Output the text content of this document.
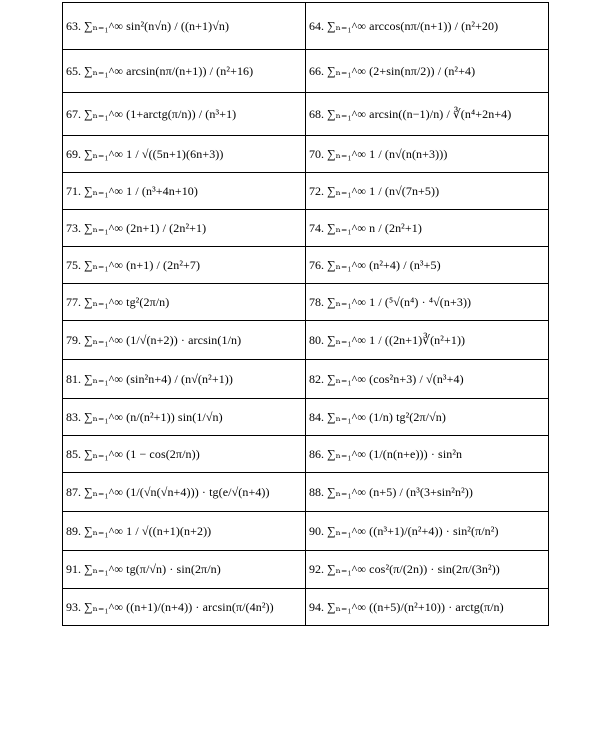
63. ∑ₙ₌₁^∞ sin²(n√n) / ((n+1)√n)	64. ∑ₙ₌₁^∞ arccos(nπ/(n+1)) / (n²+20)

65. ∑ₙ₌₁^∞ arcsin(nπ/(n+1)) / (n²+16)	66. ∑ₙ₌₁^∞ (2+sin(nπ/2)) / (n²+4)

67. ∑ₙ₌₁^∞ (1+arctg(π/n)) / (n³+1)	68. ∑ₙ₌₁^∞ arcsin((n−1)/n) / ∛(n⁴+2n+4)

69. ∑ₙ₌₁^∞ 1 / √((5n+1)(6n+3))	70. ∑ₙ₌₁^∞ 1 / (n√(n(n+3)))

71. ∑ₙ₌₁^∞ 1 / (n³+4n+10)	72. ∑ₙ₌₁^∞ 1 / (n√(7n+5))

73. ∑ₙ₌₁^∞ (2n+1) / (2n²+1)	74. ∑ₙ₌₁^∞ n / (2n²+1)

75. ∑ₙ₌₁^∞ (n+1) / (2n²+7)	76. ∑ₙ₌₁^∞ (n²+4) / (n³+5)

77. ∑ₙ₌₁^∞ tg²(2π/n)	78. ∑ₙ₌₁^∞ 1 / (⁵√(n⁴) · ⁴√(n+3))

79. ∑ₙ₌₁^∞ (1/√(n+2)) · arcsin(1/n)	80. ∑ₙ₌₁^∞ 1 / ((2n+1)∛(n²+1))

81. ∑ₙ₌₁^∞ (sin²n+4) / (n√(n²+1))	82. ∑ₙ₌₁^∞ (cos²n+3) / √(n³+4)

83. ∑ₙ₌₁^∞ (n/(n²+1)) sin(1/√n)	84. ∑ₙ₌₁^∞ (1/n) tg²(2π/√n)

85. ∑ₙ₌₁^∞ (1 − cos(2π/n))	86. ∑ₙ₌₁^∞ (1/(n(n+e))) · sin²n

87. ∑ₙ₌₁^∞ (1/(√n(√n+4))) · tg(e/√(n+4))	88. ∑ₙ₌₁^∞ (n+5) / (n³(3+sin²n²))

89. ∑ₙ₌₁^∞ 1 / √((n+1)(n+2))	90. ∑ₙ₌₁^∞ ((n³+1)/(n²+4)) · sin²(π/n²)

91. ∑ₙ₌₁^∞ tg(π/√n) · sin(2π/n)	92. ∑ₙ₌₁^∞ cos²(π/(2n)) · sin(2π/(3n²))

93. ∑ₙ₌₁^∞ ((n+1)/(n+4)) · arcsin(π/(4n²))	94. ∑ₙ₌₁^∞ ((n+5)/(n²+10)) · arctg(π/n)
